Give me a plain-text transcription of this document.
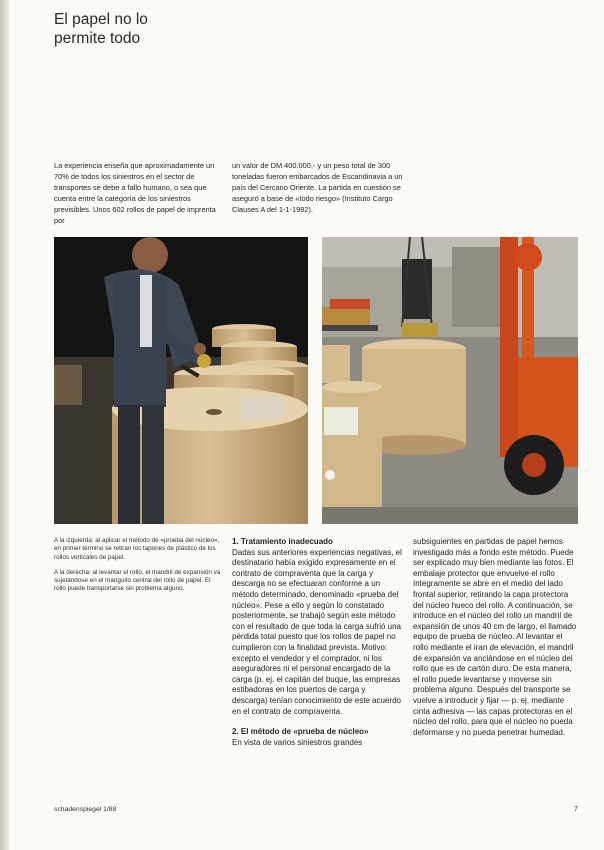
El papel no lo
permite todo

La experiencia enseña que aproximadamente un 70% de todos los siniestros en el sector de transportes se debe a fallo humano, o sea que cuenta entre la categoría de los siniestros previsibles. Unos 602 rollos de papel de imprenta por

un valor de DM 400.000,- y un peso total de 300 toneladas fueron embarcados de Escandinavia a un país del Cercano Oriente. La partida en cuestión se aseguró a base de «todo riesgo» (Instituto Cargo Clauses A del 1-1-1982).

A la izquierda: al aplicar el método de «prueba del núcleo», en primer término se retiran los tapones de plástico de los rollos verticales de papel.

A la derecha: al levantar el rollo, el mandril de expansión va sujetándose en el manguito central del rollo de papel. El rollo puede transportarse sin problema alguno.

1. Tratamiento inadecuado

Dadas sus anteriores experiencias negativas, el destinatario había exigido expresamente en el contrato de compraventa que la carga y descarga no se efectuaran conforme a un método determinado, denominado «prueba del núcleo». Pese a ello y según lo constatado posteriormente, se trabajó según este método con el resultado de que toda la carga sufrió una pérdida total puesto que los rollos de papel no cumplieron con la finalidad prevista. Motivo: excepto el vendedor y el comprador, ni los aseguradores ni el personal encargado de la carga (p. ej. el capitán del buque, las empresas estibadoras en los puertos de carga y descarga) tenían conocimiento de este acuerdo en el contrato de compraventa.

2. El método de «prueba de núcleo»

En vista de varios siniestros grandes

subsiguientes en partidas de papel hemos investigado más a fondo este método. Puede ser explicado muy bien mediante las fotos. El embalaje protector que envuelve el rollo íntegramente se abre en el medio del lado frontal superior, retirando la capa protectora del núcleo hueco del rollo. A continuación, se introduce en el núcleo del rollo un mandril de expansión de unos 40 cm de largo, el llamado equipo de prueba de núcleo. Al levantar el rollo mediante el iran de elevación, el mandril de expansión va anclándose en el núcleo del rollo que es de cartón duro. De esta manera, el rollo puede levantarse y moverse sin problema alguno. Después del transporte se vuelve a introducir y fijar — p. ej. mediante cinta adhesiva — las capas protectoras en el núcleo del rollo, para que el núcleo no pueda deformarse y no pueda penetrar humedad.

schadenspiegel 1/88	7
